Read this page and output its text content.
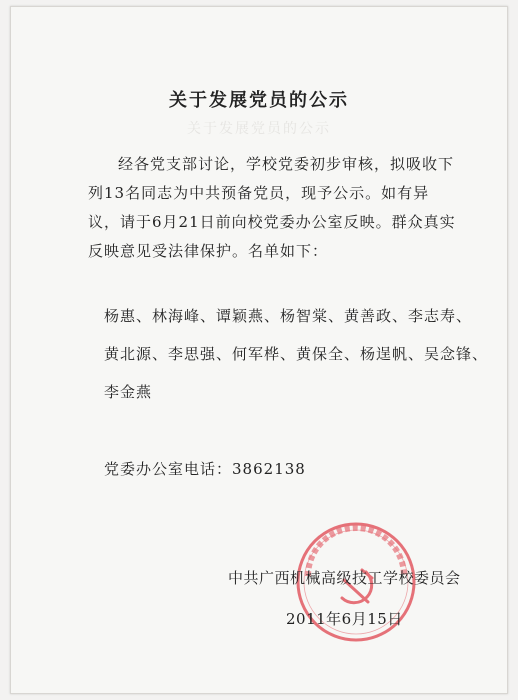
关于发展党员的公示
关于发展党员的公示
经各党支部讨论，学校党委初步审核，拟吸收下列13名同志为中共预备党员，现予公示。如有异议，请于6月21日前向校党委办公室反映。群众真实反映意见受法律保护。名单如下：
杨惠、林海峰、谭颖燕、杨智棠、黄善政、李志寿、
黄北源、李思强、何军桦、黄保全、杨逞帆、吴念锋、
李金燕
党委办公室电话：3862138
中共广西机械高级技工学校委员会
2011年6月15日
